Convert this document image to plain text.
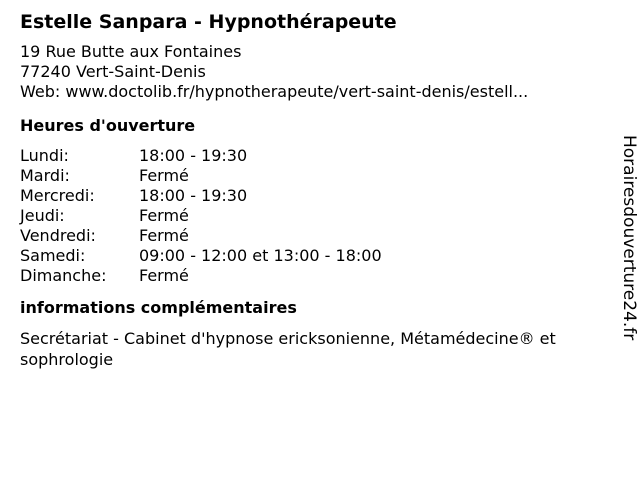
Estelle Sanpara - Hypnothérapeute
19 Rue Butte aux Fontaines
77240 Vert-Saint-Denis
Web: www.doctolib.fr/hypnotherapeute/vert-saint-denis/estell...
Heures d'ouverture
Lundi:	18:00 - 19:30
Mardi:	Fermé
Mercredi:	18:00 - 19:30
Jeudi:	Fermé
Vendredi:	Fermé
Samedi:	09:00 - 12:00 et 13:00 - 18:00
Dimanche:	Fermé
informations complémentaires
Secrétariat - Cabinet d'hypnose ericksonienne, Métamédecine® et sophrologie
Horairesdouverture24.fr
